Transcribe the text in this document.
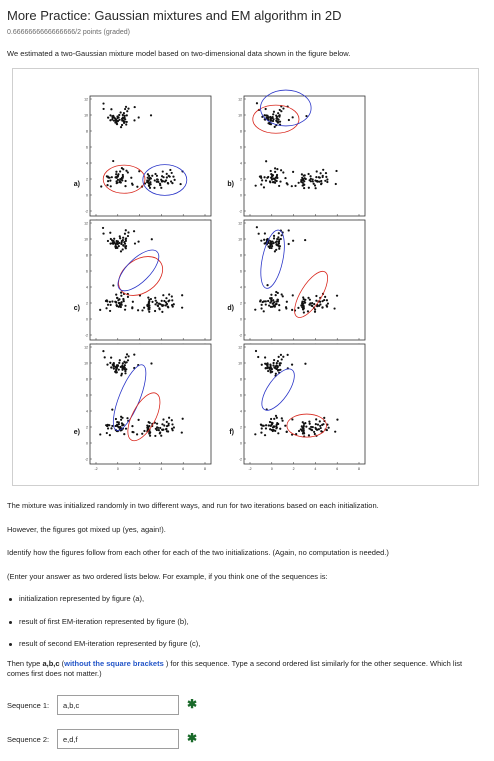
More Practice: Gaussian mixtures and EM algorithm in 2D
0.6666666666666666/2 points (graded)
We estimated a two-Gaussian mixture model based on two-dimensional data shown in the figure below.
12
10
8
6
4
2
0
-2
a)
12
10
8
6
4
2
0
-2
b)
12
10
8
6
4
2
0
-2
c)
12
10
8
6
4
2
0
-2
d)
12
10
8
6
4
2
0
-2
-2	0	2	4	6	8
e)
12
10
8
6
4
2
0
-2
-2	0	2	4	6	8
f)
The mixture was initialized randomly in two different ways, and run for two iterations based on each initialization.
However, the figures got mixed up (yes, again!).
Identify how the figures follow from each other for each of the two initializations. (Again, no computation is needed.)
(Enter your answer as two ordered lists below. For example, if you think one of the sequences is:
initialization represented by figure (a),
result of first EM-iteration represented by figure (b),
result of second EM-iteration represented by figure (c),
Then type a,b,c (without the square brackets ) for this sequence. Type a second ordered list similarly for the other sequence. Which list comes first does not matter.)
Sequence 1:
a,b,c	✱
Sequence 2:
e,d,f	✱
